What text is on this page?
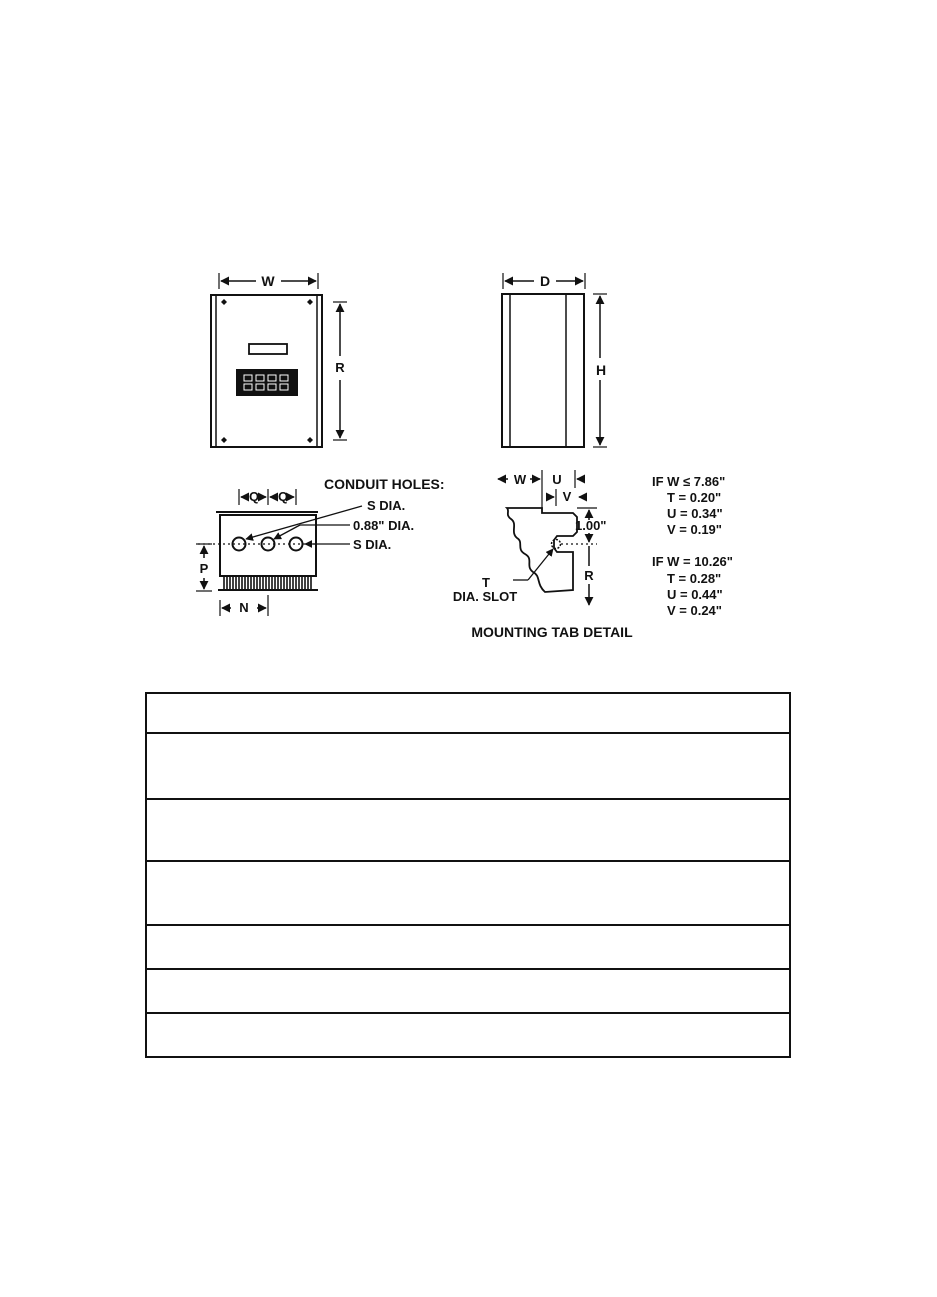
W
R
D
H
CONDUIT HOLES:
S DIA.
0.88" DIA.
S DIA.
Q Q
P
N
W U
V
1.00"
R
T
DIA. SLOT
MOUNTING TAB DETAIL
IF W ≤ 7.86"
T = 0.20"
U = 0.34"
V = 0.19"
IF W = 10.26"
T = 0.28"
U = 0.44"
V = 0.24"
